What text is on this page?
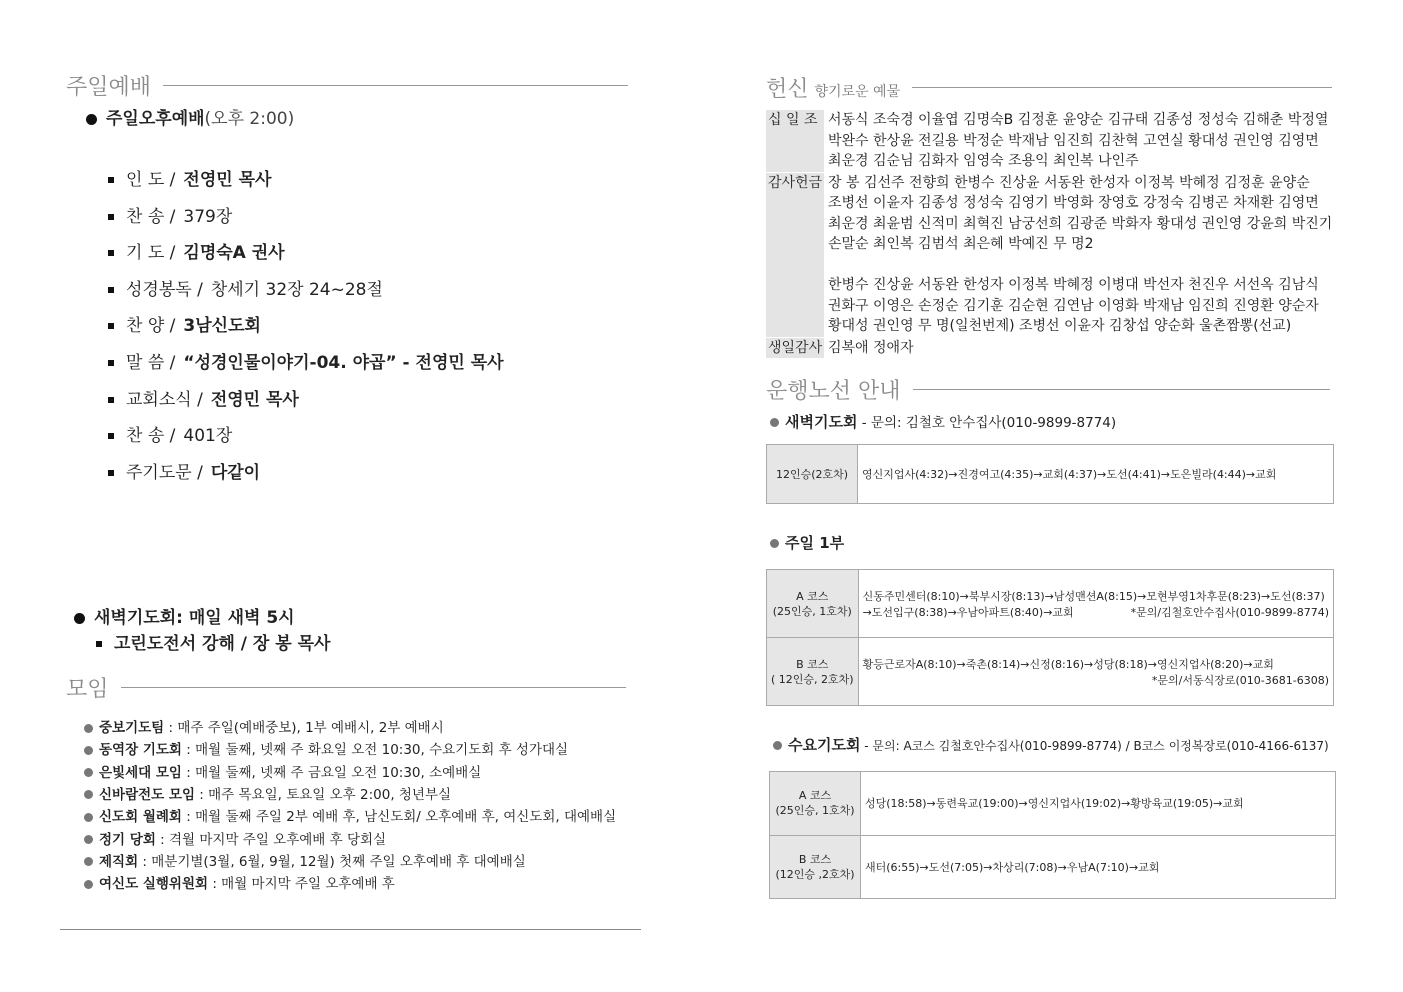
주일예배
주일오후예배(오후 2:00)
인 도 / 전영민 목사
찬 송 / 379장
기 도 / 김명숙A 권사
성경봉독 / 창세기 32장 24~28절
찬 양 / 3남신도회
말 씀 / “성경인물이야기-04. 야곱” - 전영민 목사
교회소식 / 전영민 목사
찬 송 / 401장
주기도문 / 다같이
새벽기도회: 매일 새벽 5시
고린도전서 강해 / 장 봉 목사
모임
중보기도팀 : 매주 주일(예배중보), 1부 예배시, 2부 예배시
동역장 기도회 : 매월 둘째, 넷째 주 화요일 오전 10:30, 수요기도회 후 성가대실
은빛세대 모임 : 매월 둘째, 넷째 주 금요일 오전 10:30, 소예배실
신바람전도 모임 : 매주 목요일, 토요일 오후 2:00, 청년부실
신도회 월례회 : 매월 둘째 주일 2부 예배 후, 남신도회/ 오후예배 후, 여신도회, 대예배실
정기 당회 : 격월 마지막 주일 오후예배 후 당회실
제직회 : 매분기별(3월, 6월, 9월, 12월) 첫째 주일 오후예배 후 대예배실
여신도 실행위원회 : 매월 마지막 주일 오후예배 후
헌신 향기로운 예물
십 일 조 서동식 조숙경 이율엽 김명숙B 김정훈 윤양순 김규태 김종성 정성숙 김해춘 박정열
박완수 한상윤 전길용 박정순 박재남 임진희 김찬혁 고연실 황대성 권인영 김영면
최운경 김순님 김화자 임영숙 조용익 최인복 나인주
감사헌금 장 봉 김선주 전향희 한병수 진상윤 서동완 한성자 이정복 박혜정 김정훈 윤양순
조병선 이윤자 김종성 정성숙 김영기 박영화 장영호 강정숙 김병곤 차재환 김영면
최운경 최윤범 신적미 최혁진 남궁선희 김광준 박화자 황대성 권인영 강윤희 박진기
손말순 최인복 김범석 최은혜 박예진 무 명2
한병수 진상윤 서동완 한성자 이정복 박혜정 이병대 박선자 천진우 서선옥 김남식
권화구 이영은 손정순 김기훈 김순현 김연남 이영화 박재남 임진희 진영환 양순자
황대성 권인영 무 명(일천번제) 조병선 이윤자 김창섭 양순화 울촌짬뽕(선교)
생일감사 김복애 정애자
운행노선 안내
새벽기도회 - 문의: 김철호 안수집사(010-9899-8774)
12인승(2호차)	영신지업사(4:32)→진경여고(4:35)→교회(4:37)→도선(4:41)→도은빌라(4:44)→교회
주일 1부
A 코스
(25인승, 1호차)	신동주민센터(8:10)→북부시장(8:13)→남성맨션A(8:15)→모현부영1차후문(8:23)→도선(8:37)
→도선입구(8:38)→우남아파트(8:40)→교회 *문의/김철호안수집사(010-9899-8774)

B 코스
( 12인승, 2호차)	황등근로자A(8:10)→죽촌(8:14)→신정(8:16)→성당(8:18)→영신지업사(8:20)→교회
*문의/서동식장로(010-3681-6308)
수요기도회 - 문의: A코스 김철호안수집사(010-9899-8774) / B코스 이정복장로(010-4166-6137)
A 코스
(25인승, 1호차)	성당(18:58)→동련육교(19:00)→영신지업사(19:02)→황방육교(19:05)→교회

B 코스
(12인승 ,2호차)	새터(6:55)→도선(7:05)→차상리(7:08)→우남A(7:10)→교회
